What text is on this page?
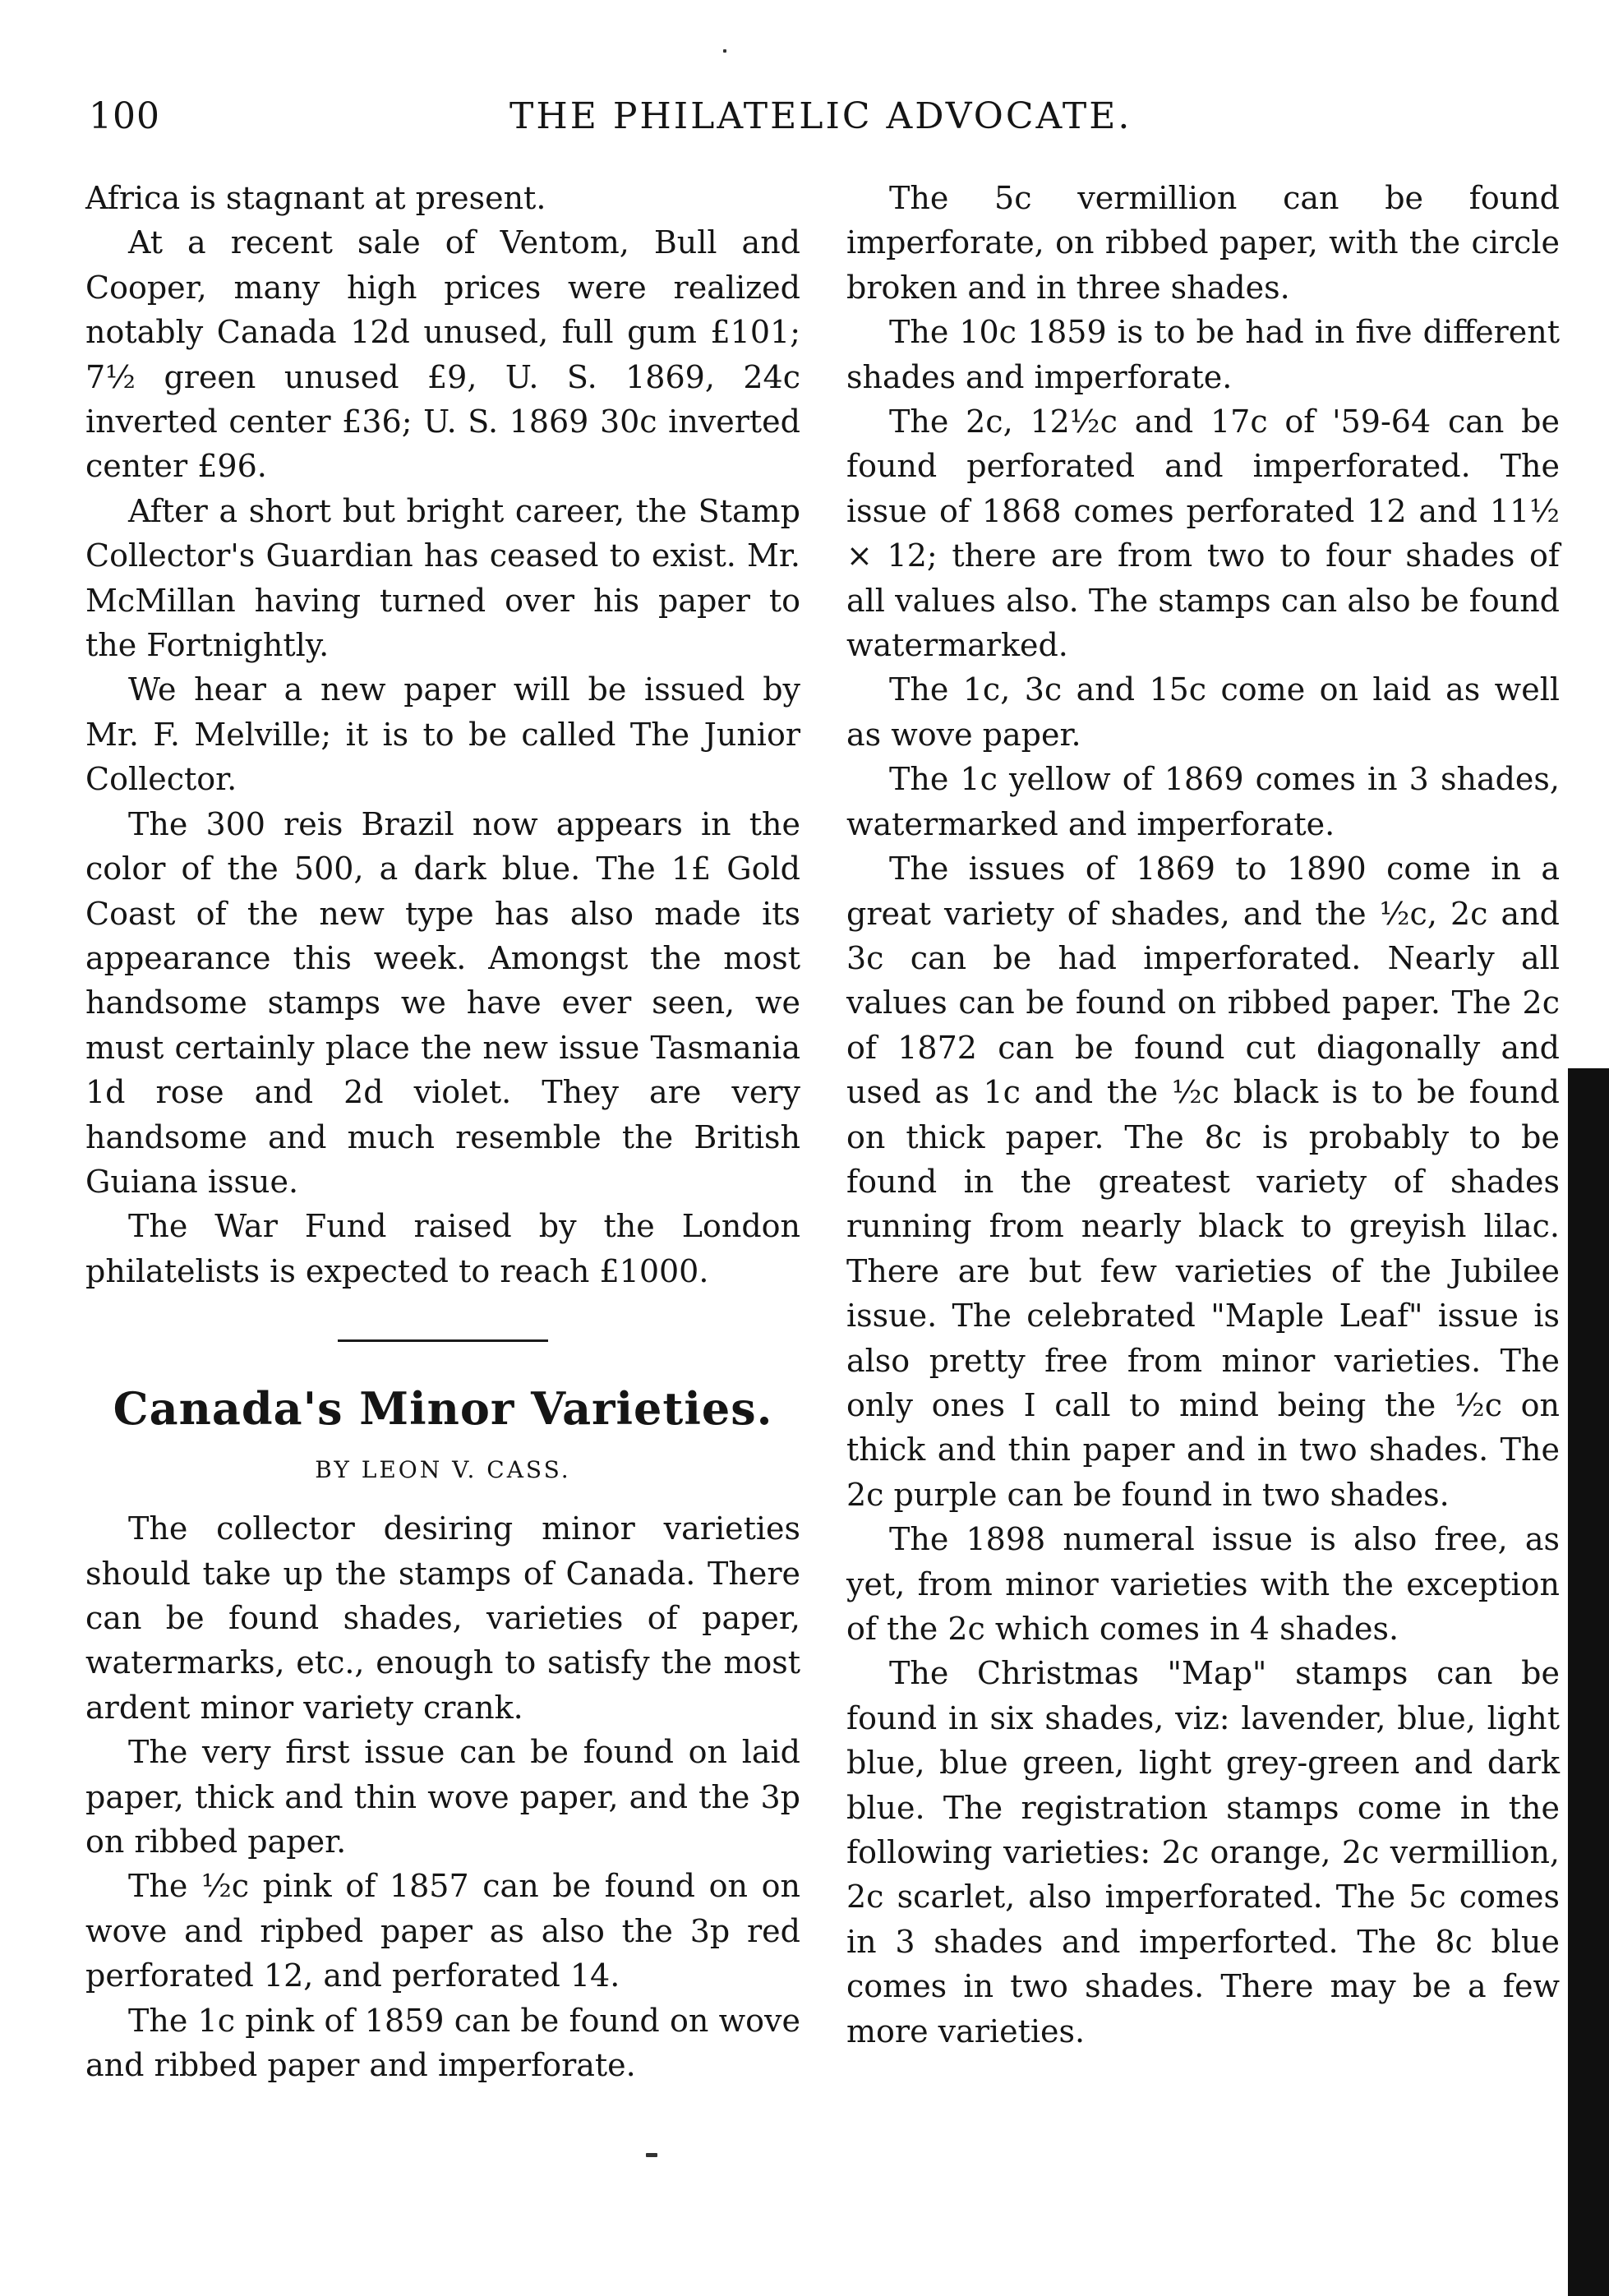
100	THE PHILATELIC ADVOCATE.

Africa is stagnant at present.

At a recent sale of Ventom, Bull and Cooper, many high prices were realized notably Canada 12d unused, full gum £101; 7½ green unused £9, U. S. 1869, 24c inverted center £36; U. S. 1869 30c inverted center £96.

After a short but bright career, the Stamp Collector's Guardian has ceased to exist. Mr. McMillan having turned over his paper to the Fortnightly.

We hear a new paper will be issued by Mr. F. Melville; it is to be called The Junior Collector.

The 300 reis Brazil now appears in the color of the 500, a dark blue. The 1£ Gold Coast of the new type has also made its appearance this week. Amongst the most handsome stamps we have ever seen, we must certainly place the new issue Tasmania 1d rose and 2d violet. They are very handsome and much resemble the British Guiana issue.

The War Fund raised by the London philatelists is expected to reach £1000.

Canada's Minor Varieties.
BY LEON V. CASS.

The collector desiring minor varieties should take up the stamps of Canada. There can be found shades, varieties of paper, watermarks, etc., enough to satisfy the most ardent minor variety crank.

The very first issue can be found on laid paper, thick and thin wove paper, and the 3p on ribbed paper.

The ½c pink of 1857 can be found on on wove and ripbed paper as also the 3p red perforated 12, and perforated 14.

The 1c pink of 1859 can be found on wove and ribbed paper and imperforate.

The 5c vermillion can be found imperforate, on ribbed paper, with the circle broken and in three shades.

The 10c 1859 is to be had in five different shades and imperforate.

The 2c, 12½c and 17c of '59-64 can be found perforated and imperforated. The issue of 1868 comes perforated 12 and 11½ × 12; there are from two to four shades of all values also. The stamps can also be found watermarked.

The 1c, 3c and 15c come on laid as well as wove paper.

The 1c yellow of 1869 comes in 3 shades, watermarked and imperforate.

The issues of 1869 to 1890 come in a great variety of shades, and the ½c, 2c and 3c can be had imperforated. Nearly all values can be found on ribbed paper. The 2c of 1872 can be found cut diagonally and used as 1c and the ½c black is to be found on thick paper. The 8c is probably to be found in the greatest variety of shades running from nearly black to greyish lilac. There are but few varieties of the Jubilee issue. The celebrated "Maple Leaf" issue is also pretty free from minor varieties. The only ones I call to mind being the ½c on thick and thin paper and in two shades. The 2c purple can be found in two shades.

The 1898 numeral issue is also free, as yet, from minor varieties with the exception of the 2c which comes in 4 shades.

The Christmas "Map" stamps can be found in six shades, viz: lavender, blue, light blue, blue green, light grey-green and dark blue. The registration stamps come in the following varieties: 2c orange, 2c vermillion, 2c scarlet, also imperforated. The 5c comes in 3 shades and imperforted. The 8c blue comes in two shades. There may be a few more varieties.
